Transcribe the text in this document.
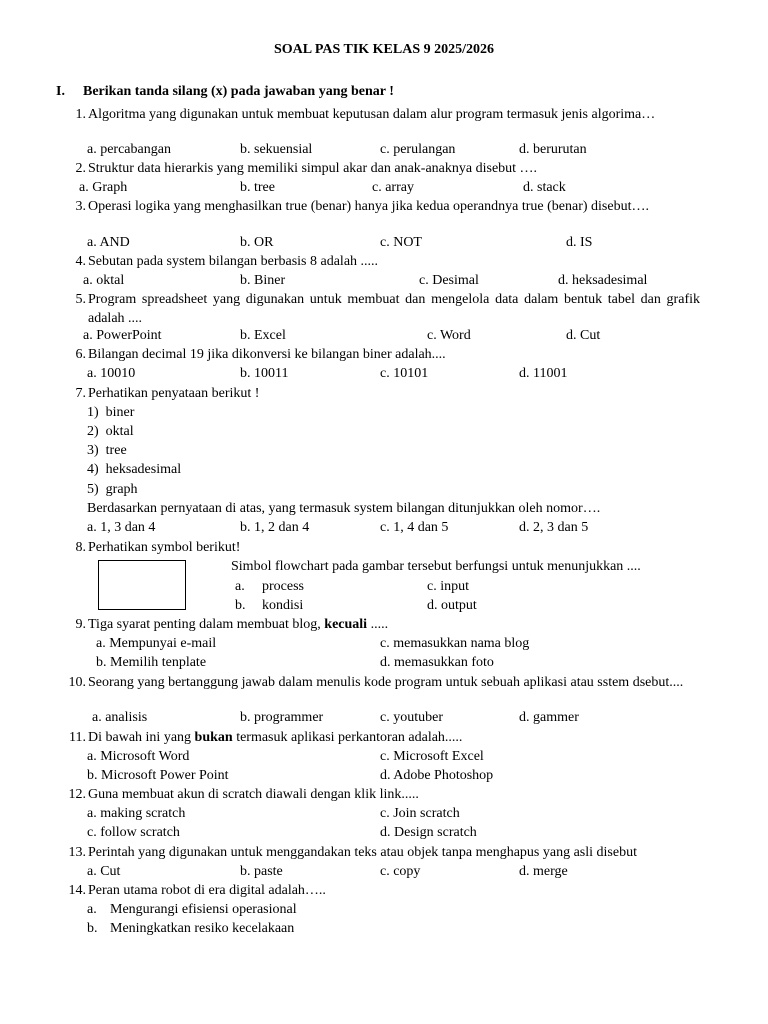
SOAL PAS TIK KELAS 9 2025/2026
I. Berikan tanda silang (x) pada jawaban yang benar !
1. Algoritma yang digunakan untuk membuat keputusan dalam alur program termasuk jenis algorima…
a. percabangan	b. sekuensial	c. perulangan	d. berurutan
2. Struktur data hierarkis yang memiliki simpul akar dan anak-anaknya disebut ….
a. Graph	b. tree	c. array	d. stack
3. Operasi logika yang menghasilkan true (benar) hanya jika kedua operandnya true (benar) disebut….
a. AND	b. OR	c. NOT	d. IS
4. Sebutan pada system bilangan berbasis 8 adalah .....
a. oktal	b. Biner	c. Desimal	d. heksadesimal
5. Program spreadsheet yang digunakan untuk membuat dan mengelola data dalam bentuk tabel dan grafik adalah ....
a. PowerPoint	b. Excel	c. Word	d. Cut
6. Bilangan decimal 19 jika dikonversi ke bilangan biner adalah....
a. 10010	b. 10011	c. 10101	d. 11001
7. Perhatikan penyataan berikut !
1) biner
2) oktal
3) tree
4) heksadesimal
5) graph
Berdasarkan pernyataan di atas, yang termasuk system bilangan ditunjukkan oleh nomor….
a. 1, 3 dan 4	b. 1, 2 dan 4	c. 1, 4 dan 5	d. 2, 3 dan 5
8. Perhatikan symbol berikut!
Simbol flowchart pada gambar tersebut berfungsi untuk menunjukkan ....
a. process	c. input
b. kondisi	d. output
9. Tiga syarat penting dalam membuat blog, kecuali .....
a. Mempunyai e-mail	c. memasukkan nama blog
b. Memilih tenplate	d. memasukkan foto
10. Seorang yang bertanggung jawab dalam menulis kode program untuk sebuah aplikasi atau sstem dsebut....
a. analisis	b. programmer	c. youtuber	d. gammer
11. Di bawah ini yang bukan termasuk aplikasi perkantoran adalah.....
a. Microsoft Word	c. Microsoft Excel
b. Microsoft Power Point	d. Adobe Photoshop
12. Guna membuat akun di scratch diawali dengan klik link.....
a. making scratch	c. Join scratch
c. follow scratch	d. Design scratch
13. Perintah yang digunakan untuk menggandakan teks atau objek tanpa menghapus yang asli disebut
a. Cut	b. paste	c. copy	d. merge
14. Peran utama robot di era digital adalah…..
a. Mengurangi efisiensi operasional
b. Meningkatkan resiko kecelakaan
